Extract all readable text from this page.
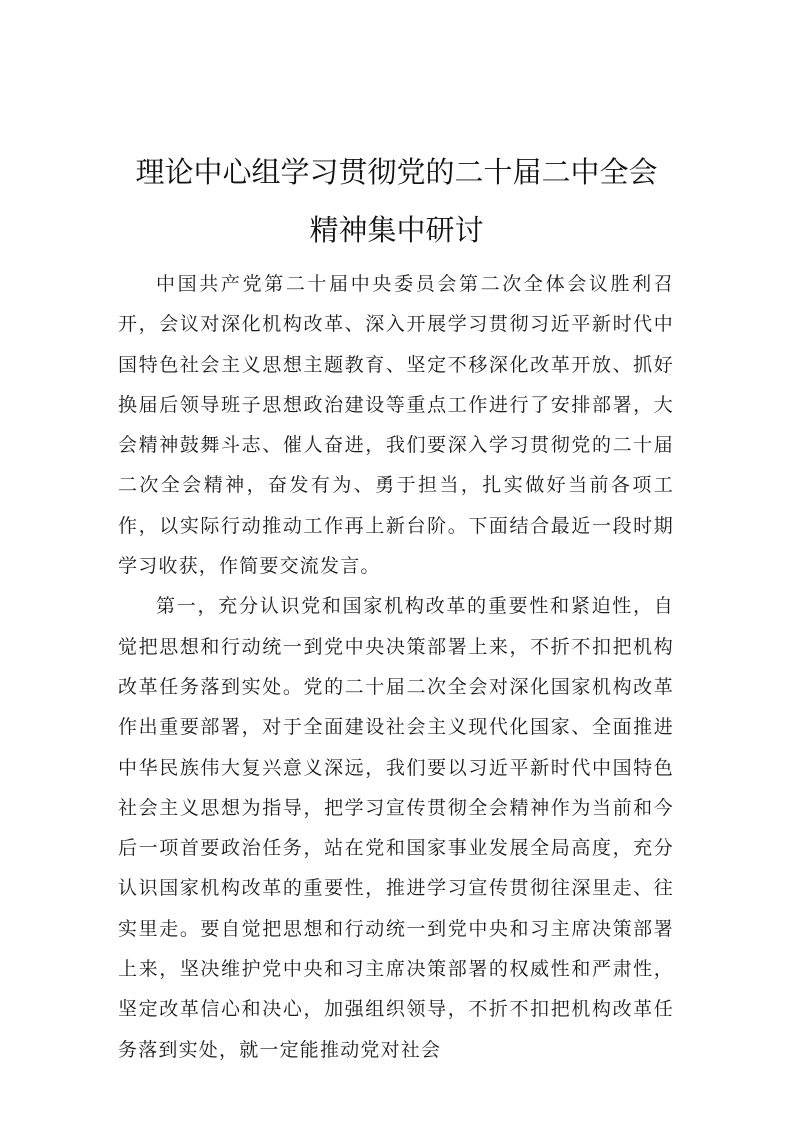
理论中心组学习贯彻党的二十届二中全会
精神集中研讨

中国共产党第二十届中央委员会第二次全体会议胜利召开，会议对深化机构改革、深入开展学习贯彻习近平新时代中国特色社会主义思想主题教育、坚定不移深化改革开放、抓好换届后领导班子思想政治建设等重点工作进行了安排部署，大会精神鼓舞斗志、催人奋进，我们要深入学习贯彻党的二十届二次全会精神，奋发有为、勇于担当，扎实做好当前各项工作，以实际行动推动工作再上新台阶。下面结合最近一段时期学习收获，作简要交流发言。

第一，充分认识党和国家机构改革的重要性和紧迫性，自觉把思想和行动统一到党中央决策部署上来，不折不扣把机构改革任务落到实处。党的二十届二次全会对深化国家机构改革作出重要部署，对于全面建设社会主义现代化国家、全面推进中华民族伟大复兴意义深远，我们要以习近平新时代中国特色社会主义思想为指导，把学习宣传贯彻全会精神作为当前和今后一项首要政治任务，站在党和国家事业发展全局高度，充分认识国家机构改革的重要性，推进学习宣传贯彻往深里走、往实里走。要自觉把思想和行动统一到党中央和习主席决策部署上来，坚决维护党中央和习主席决策部署的权威性和严肃性，坚定改革信心和决心，加强组织领导，不折不扣把机构改革任务落到实处，就一定能推动党对社会
